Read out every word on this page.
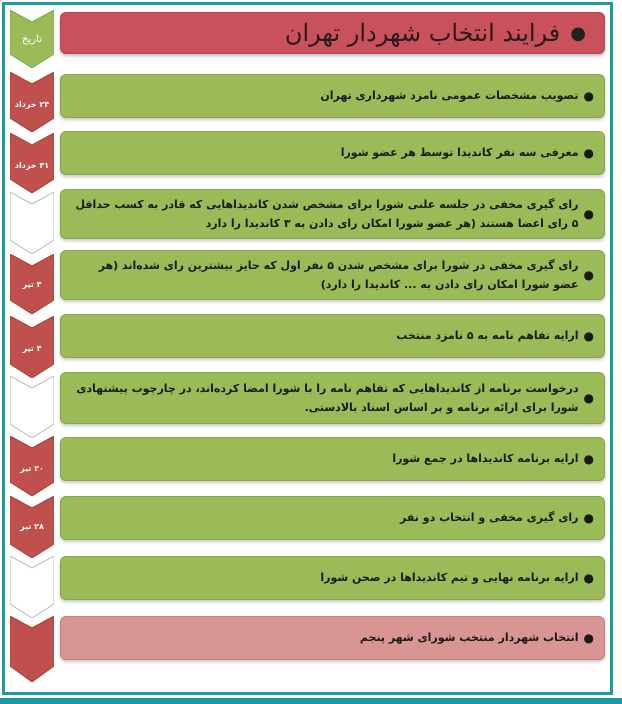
تاریخ	فرایند انتخاب شهردار تهران ●
۲۴ خرداد
۳۱ خرداد
۳ تیر
۴ تیر
۲۰ تیر
۲۸ تیر
●
تصویب مشخصات عمومی نامزد شهرداری تهران
●
معرفی سه نفر کاندیدا توسط هر عضو شورا
●
رای گیری مخفی در جلسه علنی شورا برای مشخص شدن کاندیداهایی که قادر به کسب حداقل ۵ رای اعضا هستند (هر عضو شورا امکان رای دادن به ۳ کاندیدا را دارد
●
رای گیری مخفی در شورا برای مشخص شدن ۵ نفر اول که حایز بیشترین رای شده‌اند (هر عضو شورا امکان رای دادن به ... کاندیدا را دارد)
●
ارایه تفاهم نامه به ۵ نامزد منتخب
●
درخواست برنامه از کاندیداهایی که تفاهم نامه را با شورا امضا کرده‌اند، در چارچوب پیشنهادی شورا برای ارائه برنامه و بر اساس اسناد بالادستی.
●
ارایه برنامه کاندیداها در جمع شورا
●
رای گیری مخفی و انتخاب دو نفر
●
ارایه برنامه نهایی و تیم کاندیداها در صحن شورا
●
انتخاب شهردار منتخب شورای شهر پنجم
